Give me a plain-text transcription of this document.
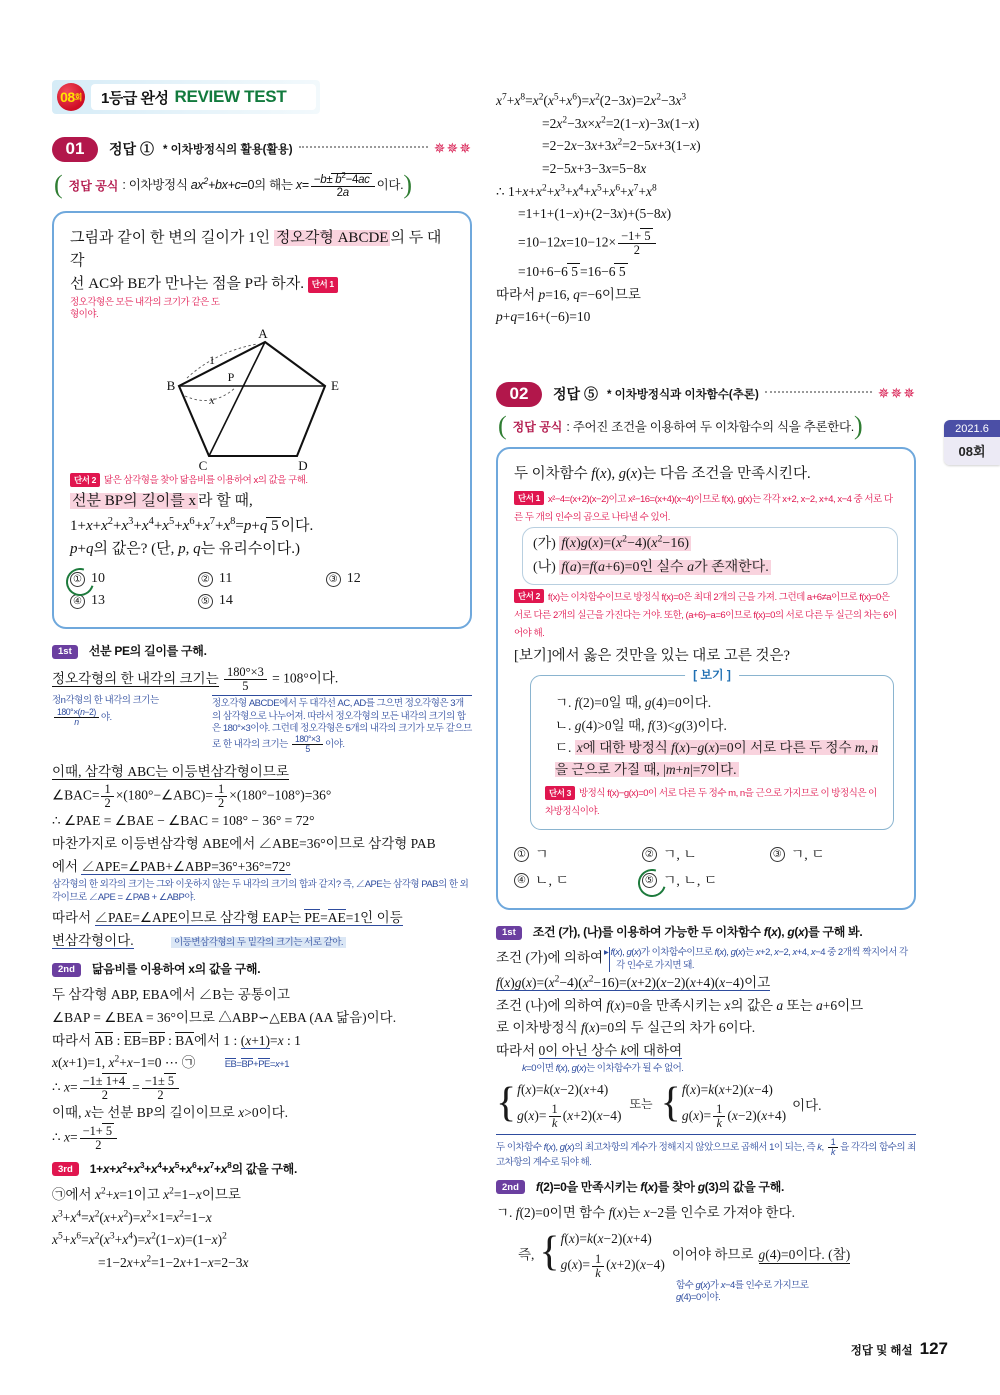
2021.6
08회
08 회 1등급 완성 REVIEW TEST
01	정답 ① * 이차방정식의 활용(활용)	✵✵✵
( 정답 공식 : 이차방정식 $ax^2+bx+c=0$의 해는 $x= \frac{-b\pm b^2-4ac}{2a}$ 이다. )
그림과 같이 한 변의 길이가 1인 정오각형 ABCDE 의 두 대각
선 AC와 BE가 만나는 점을 P라 하자. 단서 1 정오각형은 모든 내각의 크기가 같은 도형이야.
A
B
C	D
E
P
1
x
단서 2 닮은 삼각형을 찾아 닮음비를 이용하여 x의 값을 구해.
선분 BP의 길이를 x 라 할 때,
$1+x+x^2+x^3+x^4+x^5+x^6+x^7+x^8=p+q$ 5 이다.
p+q의 값은? (단, p, q는 유리수이다.)
① 10	② 11	③ 12
④ 13	⑤ 14
1st 선분 PE의 길이를 구해.
정오각형의 한 내각의 크기는 $\frac{180^\circ\times 3}{5} = 108^\circ$이다.
정n각형의 한 내각의 크기는

$\frac{180^\circ\times(n-2)}{n}$ 야.
정오각형 ABCDE에서 두 대각선 AC, AD를 그으면 정오각형은 3개의 삼각형으로 나누어져. 따라서 정오각형의 모든 내각의 크기의 합은 180°×3이야. 그런데 정오각형은 5개의 내각의 크기가 모두 같으므로 한 내각의 크기는 $\frac{180^\circ\times 3}{5}$ 이야.
이때, 삼각형 ABC는 이등변삼각형이므로
∠BAC= $\frac{1}{2}$ ×(180°−∠ABC)= $\frac{1}{2} \times(180^\circ-108^\circ)=36^\circ$
∴ ∠PAE = ∠BAE − ∠BAC = 108° − 36° = 72°
마찬가지로 이등변삼각형 ABE에서 ∠ABE=36°이므로 삼각형 PAB
에서 ∠APE=∠PAB+∠ABP=36°+36°=72°
삼각형의 한 외각의 크기는 그와 이웃하지 않는 두 내각의 크기의 합과 같지? 즉, ∠APE는 삼각형 PAB의 한 외각이므로 ∠APE = ∠PAB + ∠ABP야.
따라서 ∠PAE=∠APE이므로 삼각형 EAP는 PE=AE=1인 이등
변삼각형이다.	이등변삼각형의 두 밑각의 크기는 서로 같아.
2nd 닮음비를 이용하여 x의 값을 구해.
두 삼각형 ABP, EBA에서 ∠B는 공통이고
∠BAP = ∠BEA = 36°이므로 △ABP∽△EBA (AA 닮음)이다.
따라서 AB : EB=BP : BA에서 1 : (x+1)=x : 1
x(x+1)=1, $x^2+x-1=0$ ⋯ ㉠	EB=BP+PE=x+1
∴ $x= \frac{-1\pm 1+4}{2} = \frac{-1\pm 5}{2}$
이때, x는 선분 BP의 길이이므로 x>0이다.
∴ $x= \frac{-1+ 5}{2}$
3rd $1+x+x^2+x^3+x^4+x^5+x^6+x^7+x^8$의 값을 구해.
㉠에서 $x^2+x=1$이고 $x^2=1-x$이므로
$x^3+x^4=x^2(x+x^2)=x^2\times 1=x^2=1-x$
$x^5+x^6=x^2(x^3+x^4)=x^2(1-x)=(1-x)^2$
$=1-2x+x^2=1-2x+1-x=2-3x$
$x^7+x^8=x^2(x^5+x^6)=x^2(2-3x)=2x^2-3x^3$
$=2x^2-3x\times x^2=2(1-x)-3x(1-x)$
$=2-2x-3x+3x^2=2-5x+3(1-x)$
=2−5x+3−3x=5−8x
∴ $1+x+x^2+x^3+x^4+x^5+x^6+x^7+x^8$
=1+1+(1−x)+(2−3x)+(5−8x)
$=10-12x=10-12\times \frac{-1+ 5}{2}$
=10+6−6 5 =16−6 5
따라서 p=16, q=−6이므로
p+q=16+(−6)=10
02	정답 ⑤ * 이차방정식과 이차함수(추론)	✵✵✵
( 정답 공식 : 주어진 조건을 이용하여 두 이차함수의 식을 추론한다. )
두 이차함수 f(x), g(x)는 다음 조건을 만족시킨다.
단서 1 x²−4=(x+2)(x−2)이고 x²−16=(x+4)(x−4)이므로 f(x), g(x)는 각각 x+2, x−2, x+4, x−4 중 서로 다른 두 개의 인수의 곱으로 나타낼 수 있어.
(가) $f(x)g(x)=(x^2-4)(x^2-16)$
(나) f(a)=f(a+6)=0인 실수 a가 존재한다.
단서 2 f(x)는 이차함수이므로 방정식 f(x)=0은 최대 2개의 근을 가져. 그런데 a+6≠a이므로 f(x)=0은 서로 다른 2개의 실근을 가진다는 거야. 또한, (a+6)−a=6이므로 f(x)=0의 서로 다른 두 실근의 차는 6이어야 해.
[보기]에서 옳은 것만을 있는 대로 고른 것은?
[ 보기 ]
ㄱ. f(2)=0일 때, g(4)=0이다.
ㄴ. g(4)>0일 때, f(3)<g(3)이다.
ㄷ. x에 대한 방정식 f(x)−g(x)=0이 서로 다른 두 정수 m, n을 근으로 가질 때, |m+n|=7이다.
단서 3 방정식 f(x)−g(x)=0이 서로 다른 두 정수 m, n을 근으로 가지므로 이 방정식은 이차방정식이야.
① ㄱ	② ㄱ, ㄴ	③ ㄱ, ㄷ
④ ㄴ, ㄷ	⑤ ㄱ, ㄴ, ㄷ
1st 조건 (가), (나)를 이용하여 가능한 두 이차함수 f(x), g(x)를 구해 봐.
조건 (가)에 의하여 ▸ f(x), g(x)가 이차함수이므로 f(x), g(x)는 x+2, x−2, x+4, x−4 중 2개씩 짝지어서 각각 인수로 가지면 돼.
$f(x)g(x)=(x^2-4)(x^2-16)=(x+2)(x-2)(x+4)(x-4)$이고
조건 (나)에 의하여 f(x)=0을 만족시키는 x의 값은 a 또는 a+6이므
로 이차방정식 f(x)=0의 두 실근의 차가 6이다.
따라서 0이 아닌 상수 k에 대하여
k=0이면 f(x), g(x)는 이차함수가 될 수 없어.
{ f(x)=k(x−2)(x+4)
$g(x)= \frac{1}{k} (x+2)(x-4)$
또는 { f(x)=k(x+2)(x−4)
$g(x)= \frac{1}{k} (x-2)(x+4)$
이다.
두 이차함수 f(x), g(x)의 최고차항의 계수가 정해지지 않았으므로 곱해서 1이 되는, 즉 k, $\frac{1}{k}$ 을 각각의 함수의 최고차항의 계수로 둬야 해.
2nd f(2)=0을 만족시키는 f(x)를 찾아 g(3)의 값을 구해.
ㄱ. f(2)=0이면 함수 f(x)는 x−2를 인수로 가져야 한다.
즉, { f(x)=k(x−2)(x+4)
$g(x)= \frac{1}{k} (x+2)(x-4)$
이어야 하므로 g(4)=0이다. (참)
함수 g(x)가 x−4를 인수로 가지므로
g(4)=0이야.
정답 및 해설 127
